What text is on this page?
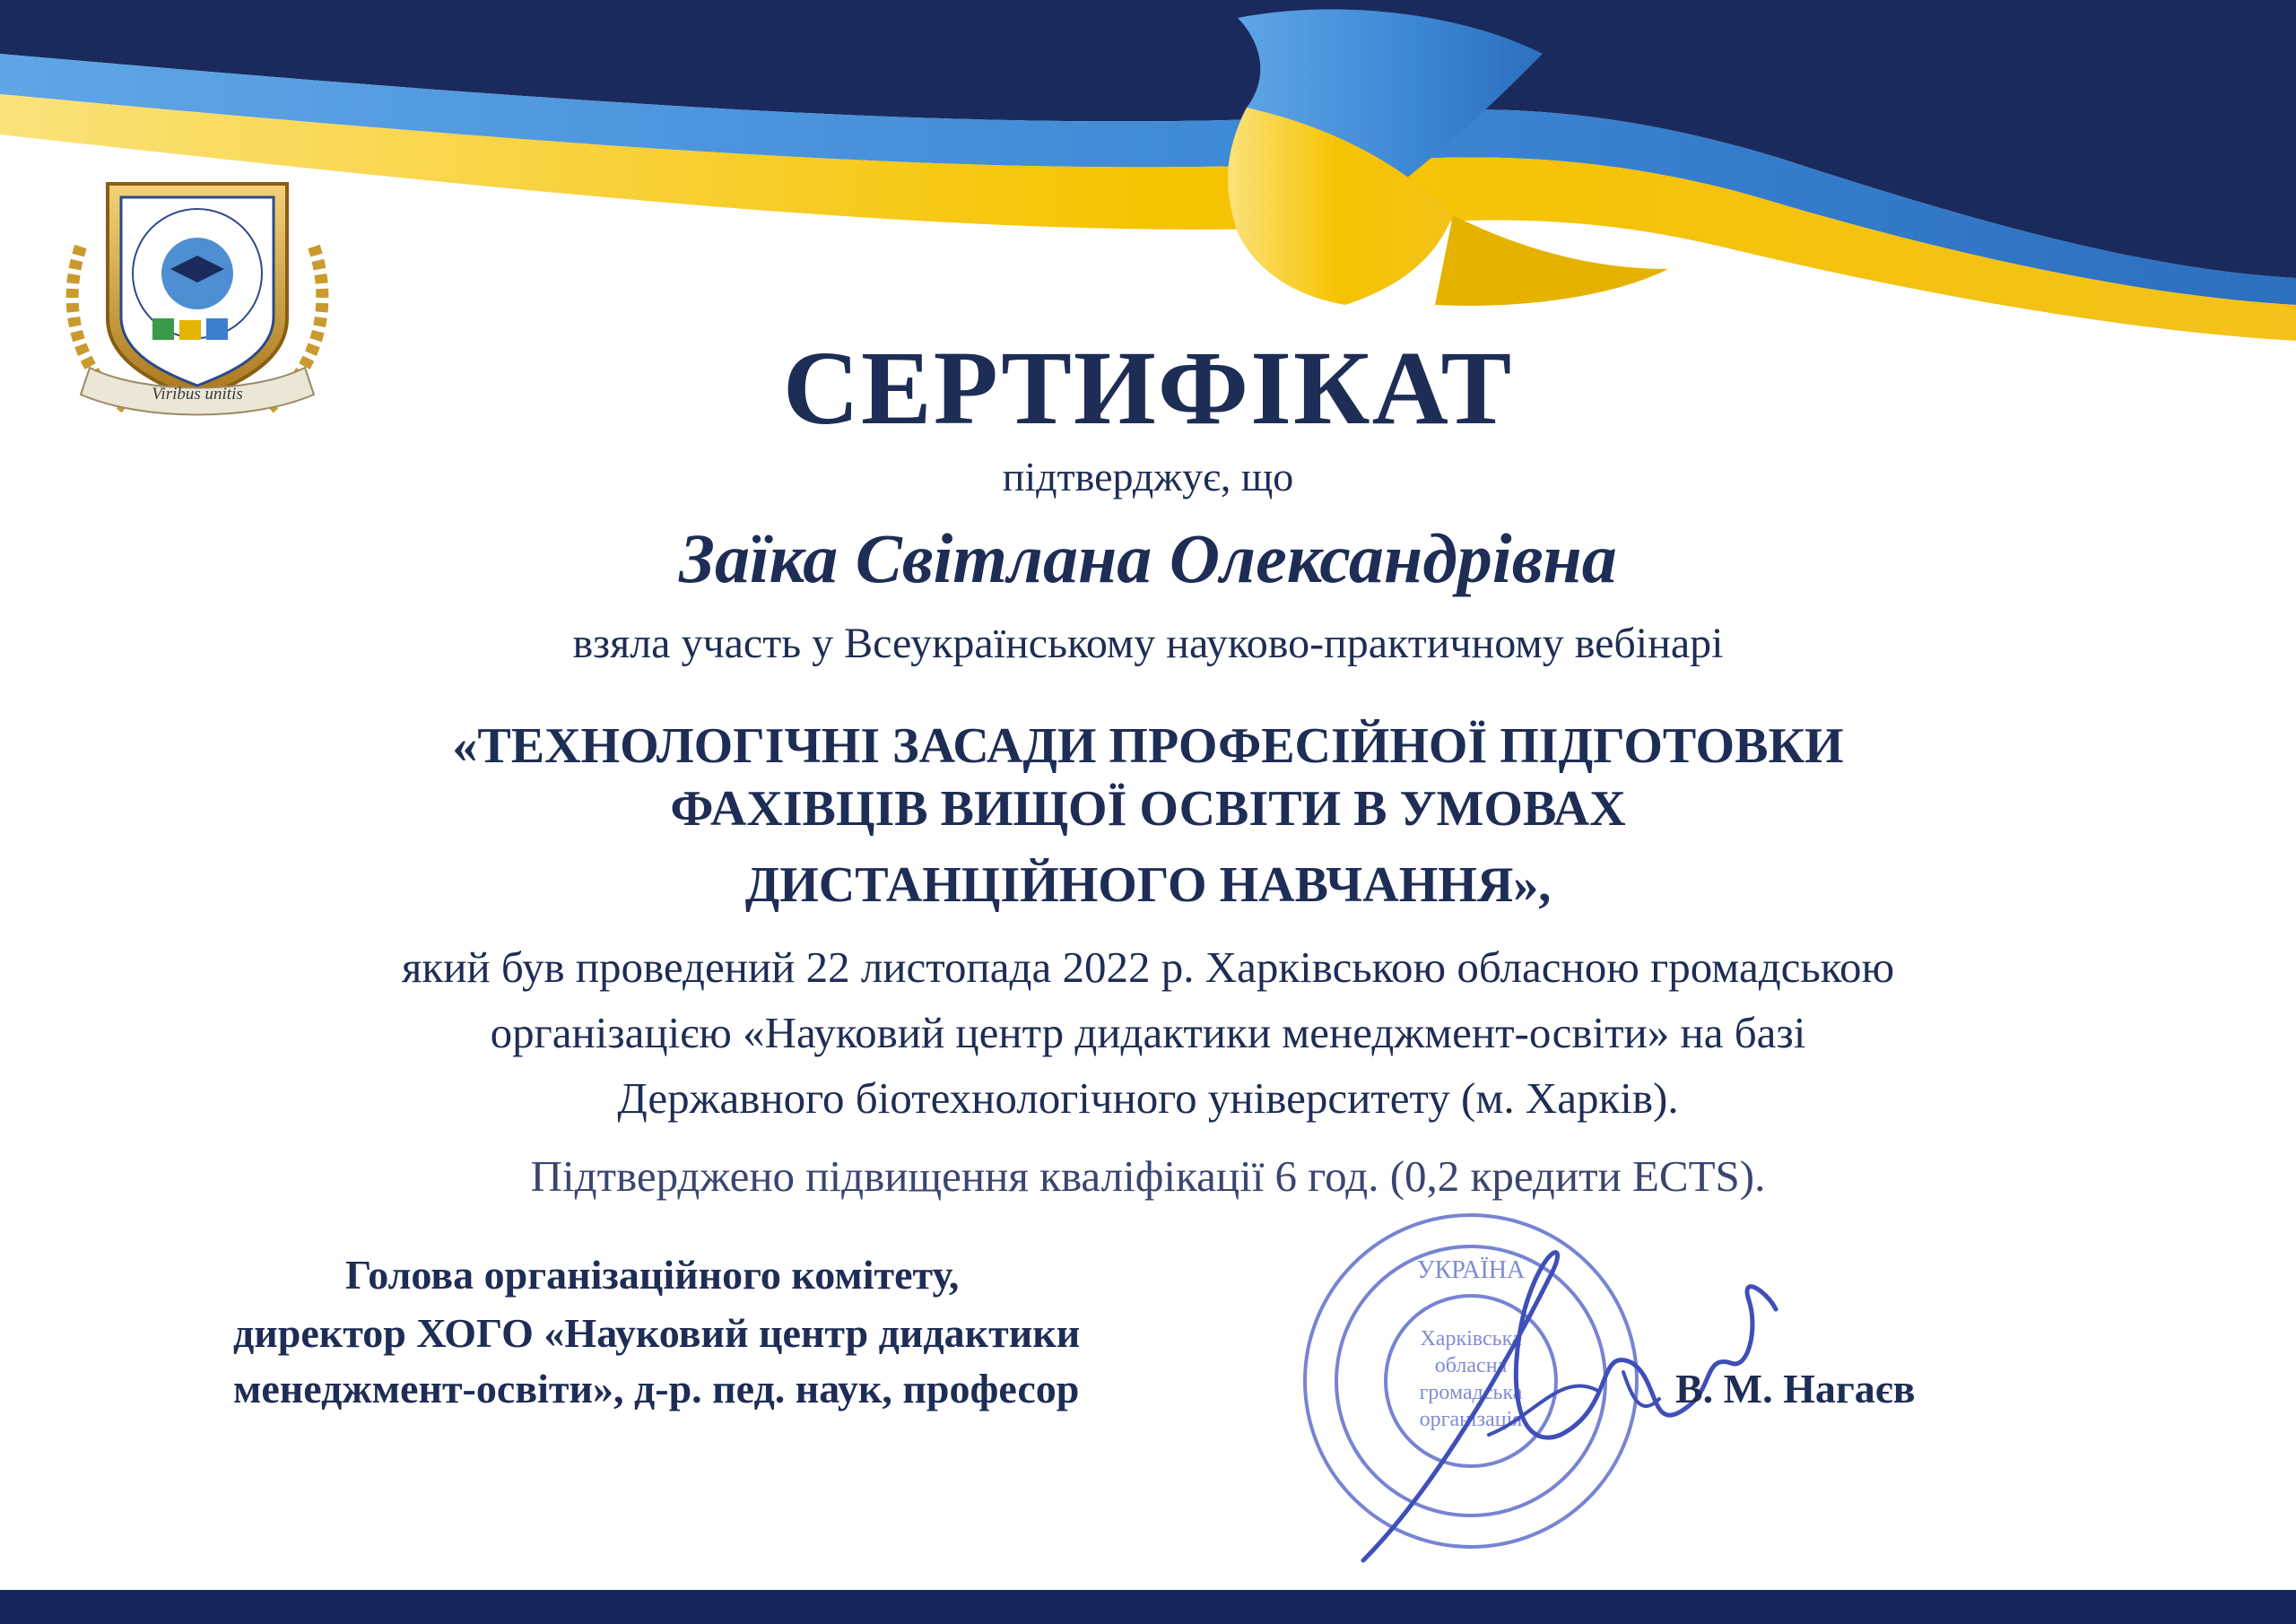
Viribus unitis	СЕРТИФІКАТ

підтверджує, що

Заїка Світлана Олександрівна

взяла участь у Всеукраїнському науково-практичному вебінарі

«ТЕХНОЛОГІЧНІ ЗАСАДИ ПРОФЕСІЙНОЇ ПІДГОТОВКИ

ФАХІВЦІВ ВИЩОЇ ОСВІТИ В УМОВАХ

ДИСТАНЦІЙНОГО НАВЧАННЯ»,

який був проведений 22 листопада 2022 р. Харківською обласною громадською

організацією «Науковий центр дидактики менеджмент-освіти» на базі

Державного біотехнологічного університету (м. Харків).

Підтверджено підвищення кваліфікації 6 год. (0,2 кредити ECTS).

УКРАЇНА
Харківська
обласна
громадська
організація

Голова організаційного комітету,

директор ХОГО «Науковий центр дидактики

менеджмент-освіти», д-р. пед. наук, професор	В. М. Нагаєв
